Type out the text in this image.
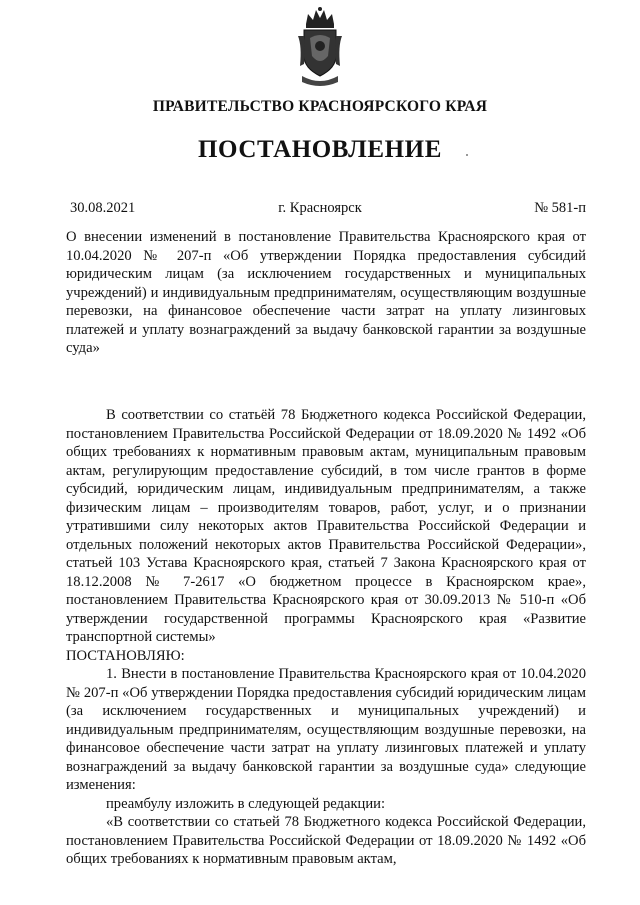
ПРАВИТЕЛЬСТВО КРАСНОЯРСКОГО КРАЯ
ПОСТАНОВЛЕНИЕ
30.08.2021	г. Красноярск	№ 581-п

О внесении изменений в постановление Правительства Красноярского края от 10.04.2020 № 207-п «Об утверждении Порядка предоставления субсидий юридическим лицам (за исключением государственных и муниципальных учреждений) и индивидуальным предпринимателям, осуществляющим воздушные перевозки, на финансовое обеспечение части затрат на уплату лизинговых платежей и уплату вознаграждений за выдачу банковской гарантии за воздушные суда»

В соответствии со статьёй 78 Бюджетного кодекса Российской Федерации, постановлением Правительства Российской Федерации от 18.09.2020 № 1492 «Об общих требованиях к нормативным правовым актам, муниципальным правовым актам, регулирующим предоставление субсидий, в том числе грантов в форме субсидий, юридическим лицам, индивидуальным предпринимателям, а также физическим лицам – производителям товаров, работ, услуг, и о признании утратившими силу некоторых актов Правительства Российской Федерации и отдельных положений некоторых актов Правительства Российской Федерации», статьей 103 Устава Красноярского края, статьей 7 Закона Красноярского края от 18.12.2008 № 7-2617 «О бюджетном процессе в Красноярском крае», постановлением Правительства Красноярского края от 30.09.2013 № 510-п «Об утверждении государственной программы Красноярского края «Развитие транспортной системы»

ПОСТАНОВЛЯЮ:

1. Внести в постановление Правительства Красноярского края от 10.04.2020 № 207-п «Об утверждении Порядка предоставления субсидий юридическим лицам (за исключением государственных и муниципальных учреждений) и индивидуальным предпринимателям, осуществляющим воздушные перевозки, на финансовое обеспечение части затрат на уплату лизинговых платежей и уплату вознаграждений за выдачу банковской гарантии за воздушные суда» следующие изменения:

преамбулу изложить в следующей редакции:

«В соответствии со статьей 78 Бюджетного кодекса Российской Федерации, постановлением Правительства Российской Федерации от 18.09.2020 № 1492 «Об общих требованиях к нормативным правовым актам,
